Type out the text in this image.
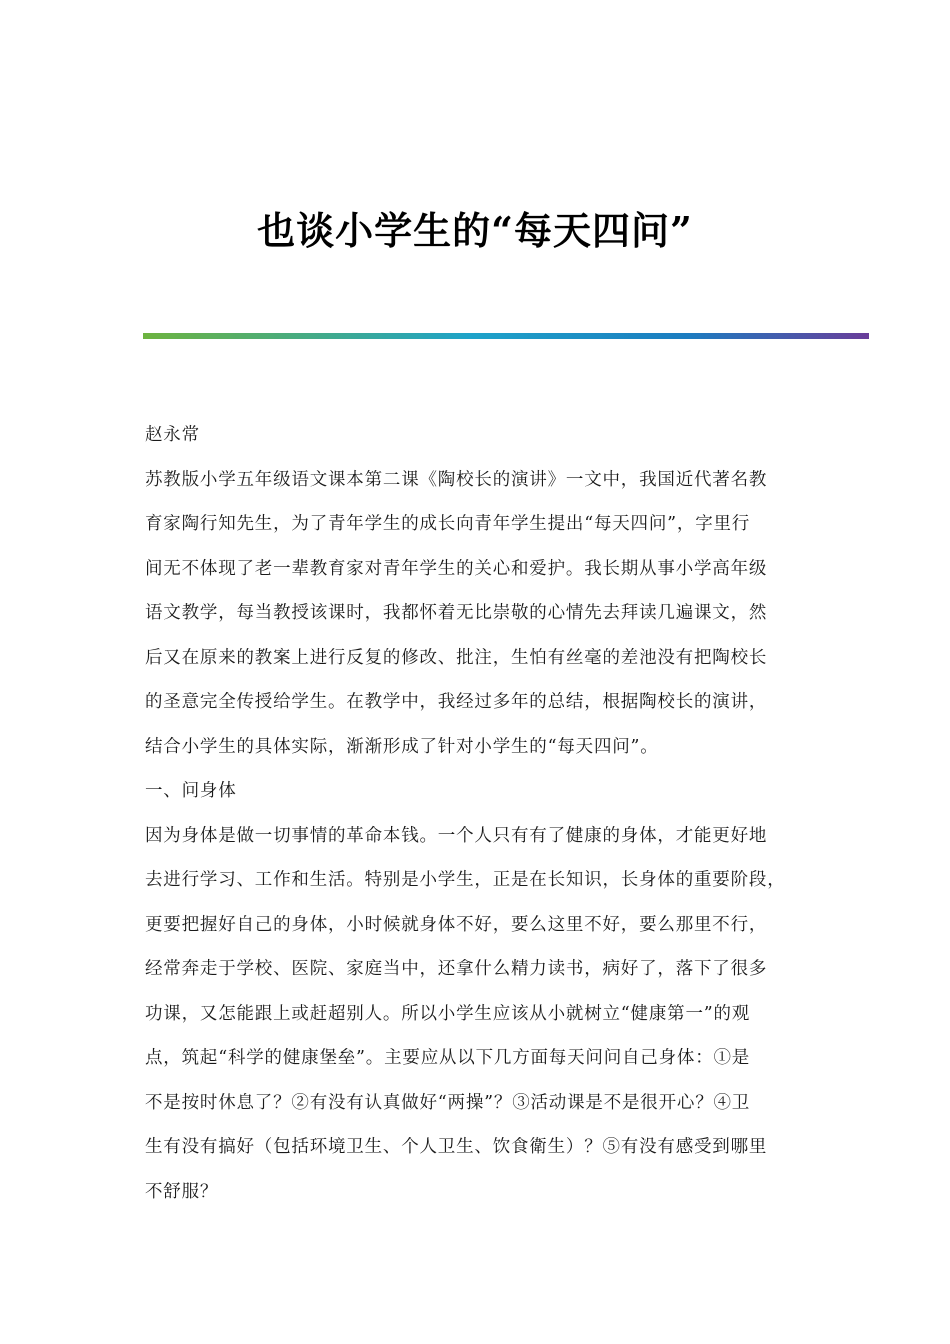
也谈小学生的“每天四问”
赵永常
苏教版小学五年级语文课本第二课《陶校长的演讲》一文中，我国近代著名教
育家陶行知先生，为了青年学生的成长向青年学生提出“每天四问”，字里行
间无不体现了老一辈教育家对青年学生的关心和爱护。我长期从事小学高年级
语文教学，每当教授该课时，我都怀着无比崇敬的心情先去拜读几遍课文，然
后又在原来的教案上进行反复的修改、批注，生怕有丝毫的差池没有把陶校长
的圣意完全传授给学生。在教学中，我经过多年的总结，根据陶校长的演讲，
结合小学生的具体实际，渐渐形成了针对小学生的“每天四问”。
一、问身体
因为身体是做一切事情的革命本钱。一个人只有有了健康的身体，才能更好地
去进行学习、工作和生活。特别是小学生，正是在长知识，长身体的重要阶段，
更要把握好自己的身体，小时候就身体不好，要么这里不好，要么那里不行，
经常奔走于学校、医院、家庭当中，还拿什么精力读书，病好了，落下了很多
功课，又怎能跟上或赶超别人。所以小学生应该从小就树立“健康第一”的观
点，筑起“科学的健康堡垒”。主要应从以下几方面每天问问自己身体：①是
不是按时休息了？②有没有认真做好“两操”？③活动课是不是很开心？④卫
生有没有搞好（包括环境卫生、个人卫生、饮食衛生）？⑤有没有感受到哪里
不舒服？
